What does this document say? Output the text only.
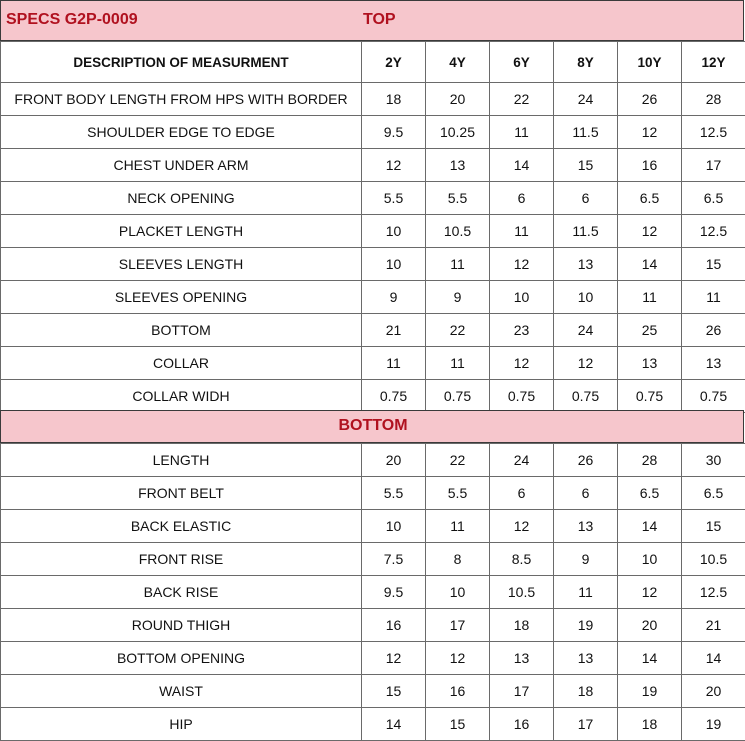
SPECS G2P-0009	TOP
DESCRIPTION OF MEASURMENT	2Y	4Y	6Y	8Y	10Y	12Y
FRONT BODY LENGTH FROM HPS WITH BORDER	18	20	22	24	26	28
SHOULDER EDGE TO EDGE	9.5	10.25	11	11.5	12	12.5
CHEST UNDER ARM	12	13	14	15	16	17
NECK OPENING	5.5	5.5	6	6	6.5	6.5
PLACKET LENGTH	10	10.5	11	11.5	12	12.5
SLEEVES LENGTH	10	11	12	13	14	15
SLEEVES OPENING	9	9	10	10	11	11
BOTTOM	21	22	23	24	25	26
COLLAR	11	11	12	12	13	13
COLLAR WIDH	0.75	0.75	0.75	0.75	0.75	0.75
BOTTOM
LENGTH	20	22	24	26	28	30
FRONT BELT	5.5	5.5	6	6	6.5	6.5
BACK ELASTIC	10	11	12	13	14	15
FRONT RISE	7.5	8	8.5	9	10	10.5
BACK RISE	9.5	10	10.5	11	12	12.5
ROUND THIGH	16	17	18	19	20	21
BOTTOM OPENING	12	12	13	13	14	14
WAIST	15	16	17	18	19	20
HIP	14	15	16	17	18	19
